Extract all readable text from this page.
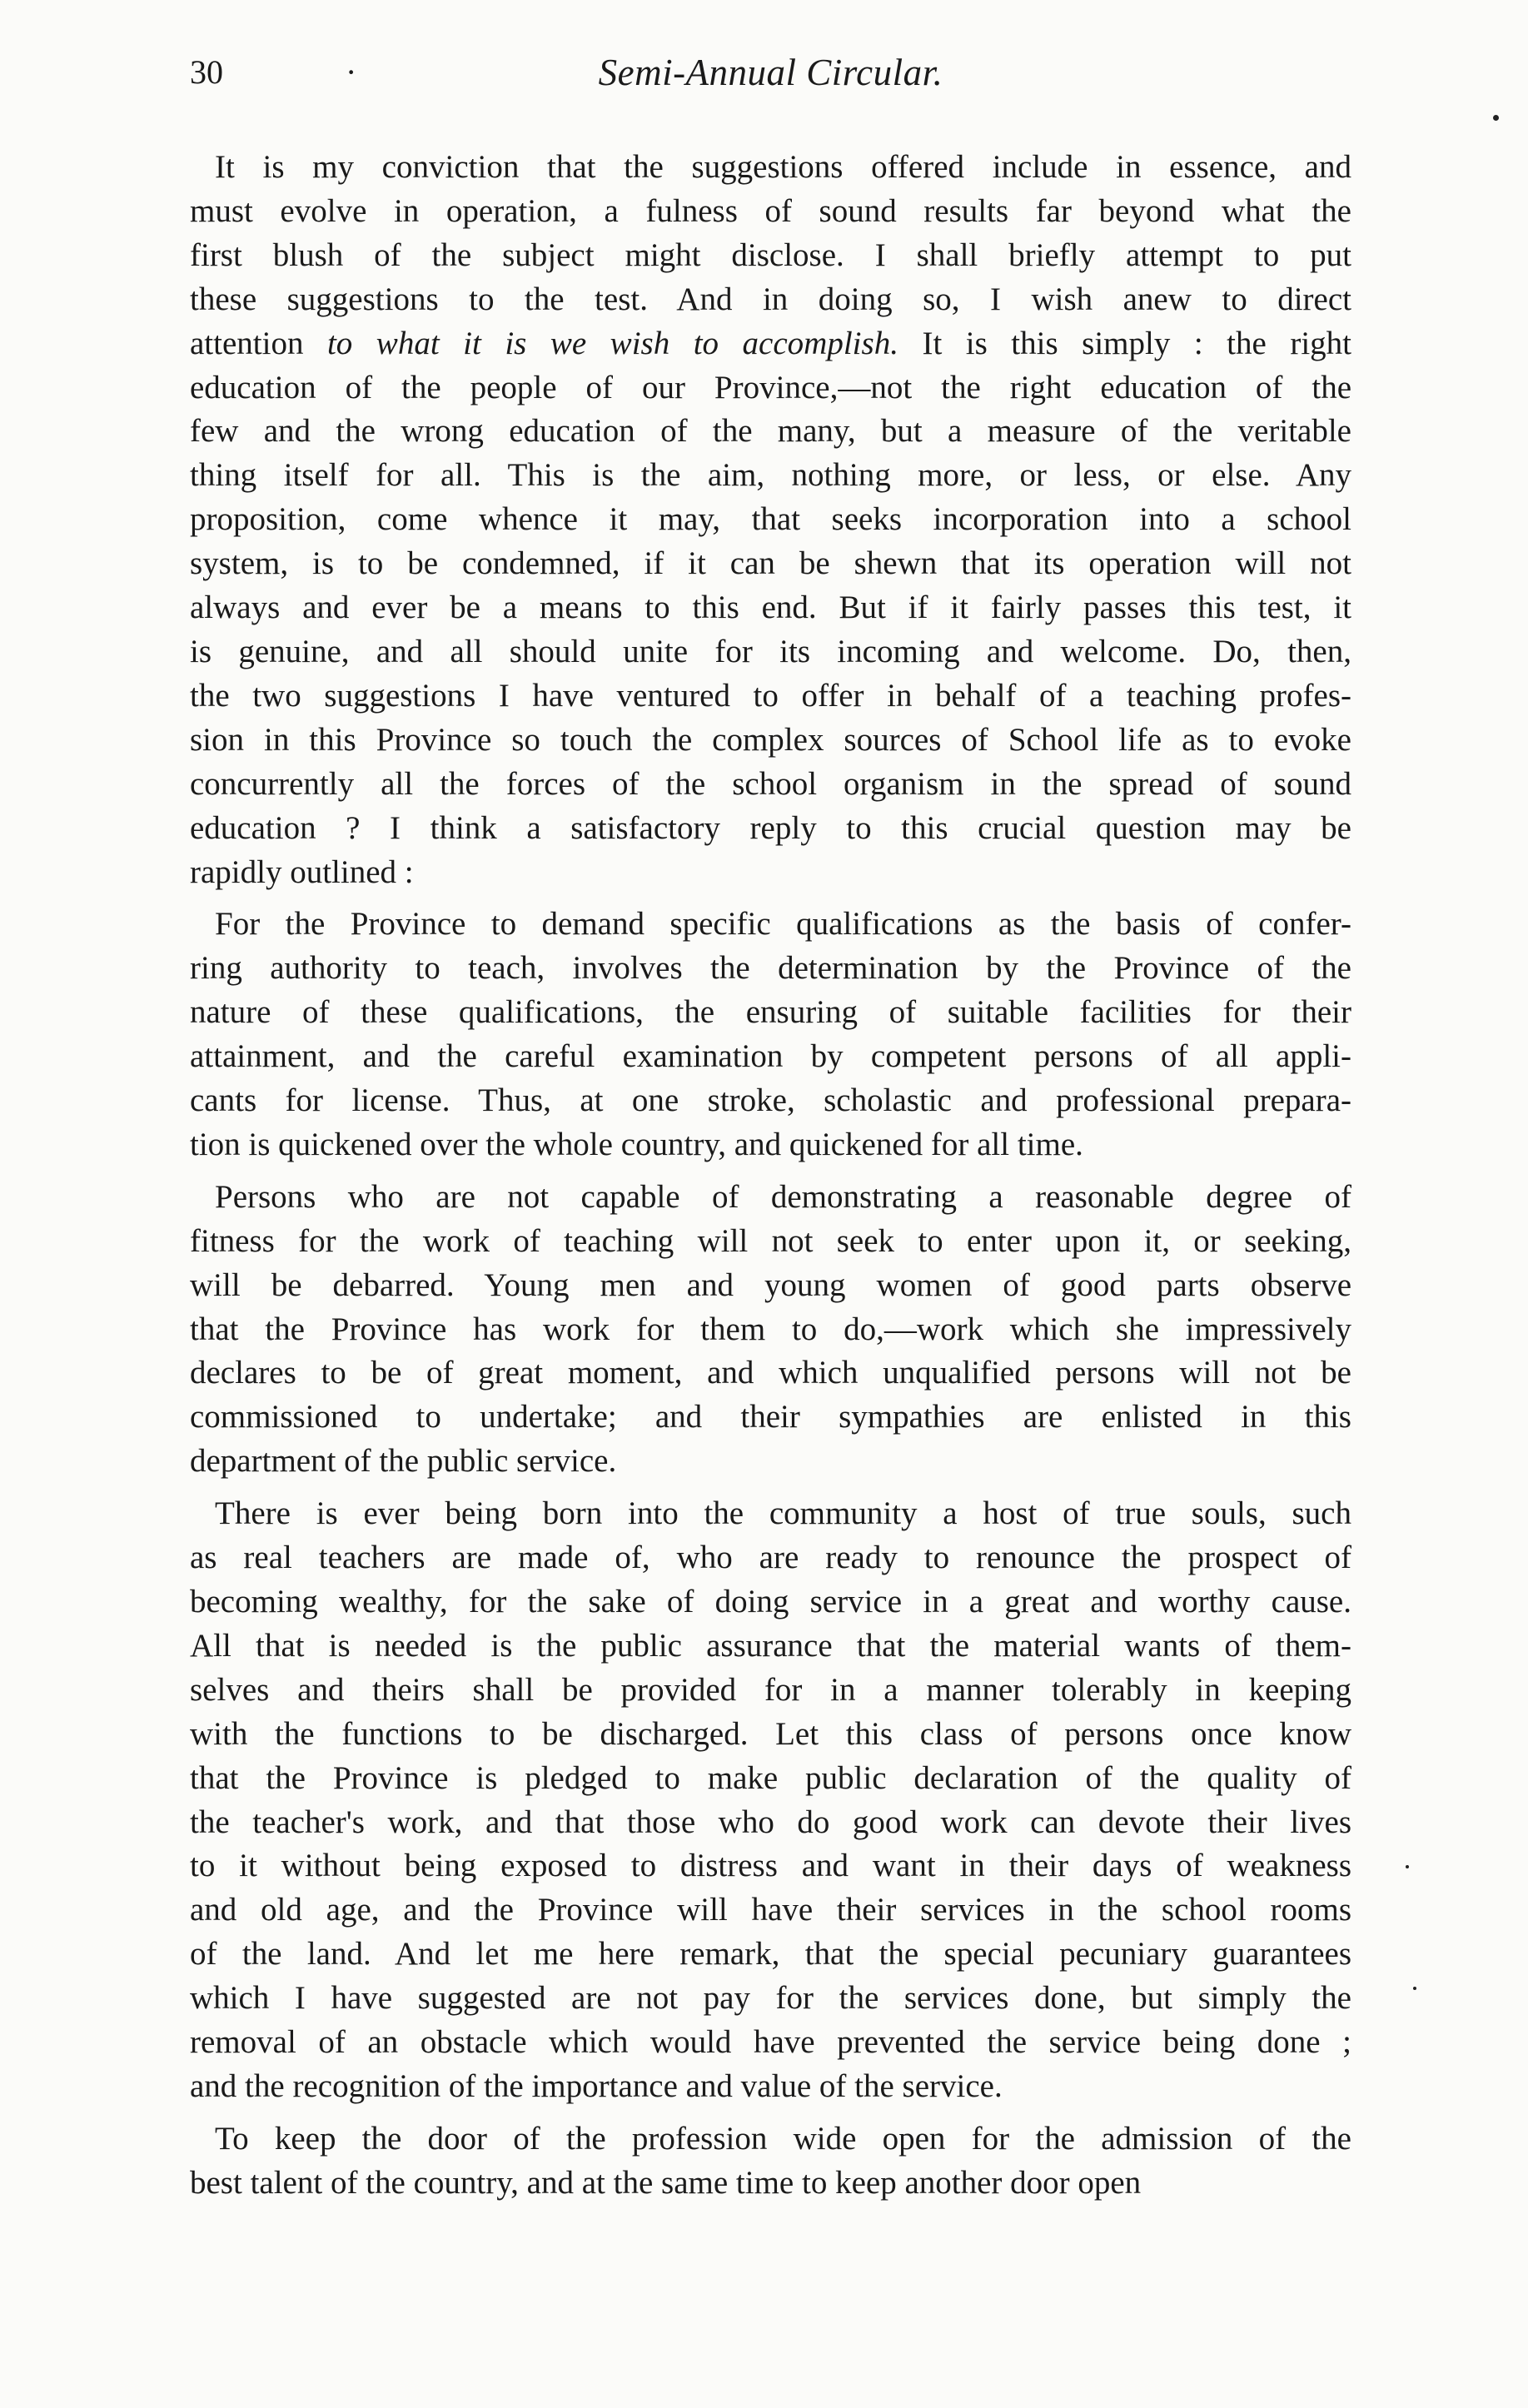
30	·	Semi-Annual Circular.
It is my conviction that the suggestions offered include in essence, and
must evolve in operation, a fulness of sound results far beyond what the
first blush of the subject might disclose. I shall briefly attempt to put
these suggestions to the test. And in doing so, I wish anew to direct
attention to what it is we wish to accomplish. It is this simply : the right
education of the people of our Province,—not the right education of the
few and the wrong education of the many, but a measure of the veritable
thing itself for all. This is the aim, nothing more, or less, or else. Any
proposition, come whence it may, that seeks incorporation into a school
system, is to be condemned, if it can be shewn that its operation will not
always and ever be a means to this end. But if it fairly passes this test, it
is genuine, and all should unite for its incoming and welcome. Do, then,
the two suggestions I have ventured to offer in behalf of a teaching profes-
sion in this Province so touch the complex sources of School life as to evoke
concurrently all the forces of the school organism in the spread of sound
education ? I think a satisfactory reply to this crucial question may be
rapidly outlined :
For the Province to demand specific qualifications as the basis of confer-
ring authority to teach, involves the determination by the Province of the
nature of these qualifications, the ensuring of suitable facilities for their
attainment, and the careful examination by competent persons of all appli-
cants for license. Thus, at one stroke, scholastic and professional prepara-
tion is quickened over the whole country, and quickened for all time.
Persons who are not capable of demonstrating a reasonable degree of
fitness for the work of teaching will not seek to enter upon it, or seeking,
will be debarred. Young men and young women of good parts observe
that the Province has work for them to do,—work which she impressively
declares to be of great moment, and which unqualified persons will not be
commissioned to undertake; and their sympathies are enlisted in this
department of the public service.
There is ever being born into the community a host of true souls, such
as real teachers are made of, who are ready to renounce the prospect of
becoming wealthy, for the sake of doing service in a great and worthy cause.
All that is needed is the public assurance that the material wants of them-
selves and theirs shall be provided for in a manner tolerably in keeping
with the functions to be discharged. Let this class of persons once know
that the Province is pledged to make public declaration of the quality of
the teacher's work, and that those who do good work can devote their lives
to it without being exposed to distress and want in their days of weakness
and old age, and the Province will have their services in the school rooms
of the land. And let me here remark, that the special pecuniary guarantees
which I have suggested are not pay for the services done, but simply the
removal of an obstacle which would have prevented the service being done ;
and the recognition of the importance and value of the service.
To keep the door of the profession wide open for the admission of the
best talent of the country, and at the same time to keep another door open
